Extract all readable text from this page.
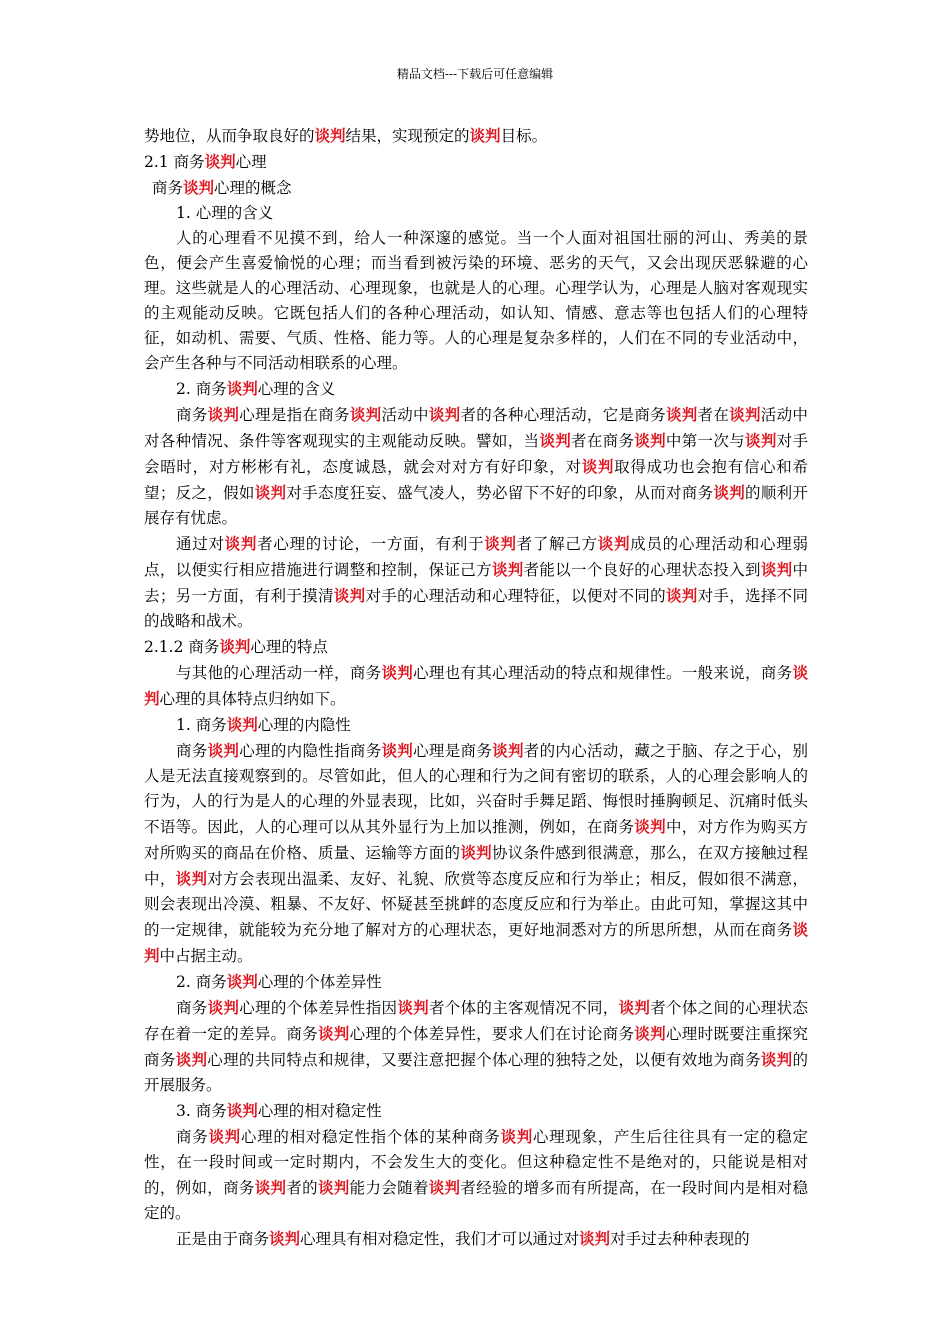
精品文档---下载后可任意编辑

势地位，从而争取良好的谈判结果，实现预定的谈判目标。

2.1 商务谈判心理

商务谈判心理的概念

1. 心理的含义

人的心理看不见摸不到，给人一种深邃的感觉。当一个人面对祖国壮丽的河山、秀美的景色，便会产生喜爱愉悦的心理；而当看到被污染的环境、恶劣的天气，又会出现厌恶躲避的心理。这些就是人的心理活动、心理现象，也就是人的心理。心理学认为，心理是人脑对客观现实的主观能动反映。它既包括人们的各种心理活动，如认知、情感、意志等也包括人们的心理特征，如动机、需要、气质、性格、能力等。人的心理是复杂多样的，人们在不同的专业活动中，会产生各种与不同活动相联系的心理。

2. 商务谈判心理的含义

商务谈判心理是指在商务谈判活动中谈判者的各种心理活动，它是商务谈判者在谈判活动中对各种情况、条件等客观现实的主观能动反映。譬如，当谈判者在商务谈判中第一次与谈判对手会晤时，对方彬彬有礼，态度诚恳，就会对对方有好印象，对谈判取得成功也会抱有信心和希望；反之，假如谈判对手态度狂妄、盛气凌人，势必留下不好的印象，从而对商务谈判的顺利开展存有忧虑。

通过对谈判者心理的讨论，一方面，有利于谈判者了解己方谈判成员的心理活动和心理弱点，以便实行相应措施进行调整和控制，保证己方谈判者能以一个良好的心理状态投入到谈判中去；另一方面，有利于摸清谈判对手的心理活动和心理特征，以便对不同的谈判对手，选择不同的战略和战术。

2.1.2 商务谈判心理的特点

与其他的心理活动一样，商务谈判心理也有其心理活动的特点和规律性。一般来说，商务谈判心理的具体特点归纳如下。

1. 商务谈判心理的内隐性

商务谈判心理的内隐性指商务谈判心理是商务谈判者的内心活动，藏之于脑、存之于心，别人是无法直接观察到的。尽管如此，但人的心理和行为之间有密切的联系，人的心理会影响人的行为，人的行为是人的心理的外显表现，比如，兴奋时手舞足蹈、悔恨时捶胸顿足、沉痛时低头不语等。因此，人的心理可以从其外显行为上加以推测，例如，在商务谈判中，对方作为购买方对所购买的商品在价格、质量、运输等方面的谈判协议条件感到很满意，那么，在双方接触过程中，谈判对方会表现出温柔、友好、礼貌、欣赏等态度反应和行为举止；相反，假如很不满意，则会表现出冷漠、粗暴、不友好、怀疑甚至挑衅的态度反应和行为举止。由此可知，掌握这其中的一定规律，就能较为充分地了解对方的心理状态，更好地洞悉对方的所思所想，从而在商务谈判中占据主动。

2. 商务谈判心理的个体差异性

商务谈判心理的个体差异性指因谈判者个体的主客观情况不同，谈判者个体之间的心理状态存在着一定的差异。商务谈判心理的个体差异性，要求人们在讨论商务谈判心理时既要注重探究商务谈判心理的共同特点和规律，又要注意把握个体心理的独特之处，以便有效地为商务谈判的开展服务。

3. 商务谈判心理的相对稳定性

商务谈判心理的相对稳定性指个体的某种商务谈判心理现象，产生后往往具有一定的稳定性，在一段时间或一定时期内，不会发生大的变化。但这种稳定性不是绝对的，只能说是相对的，例如，商务谈判者的谈判能力会随着谈判者经验的增多而有所提高，在一段时间内是相对稳定的。

正是由于商务谈判心理具有相对稳定性，我们才可以通过对谈判对手过去种种表现的
